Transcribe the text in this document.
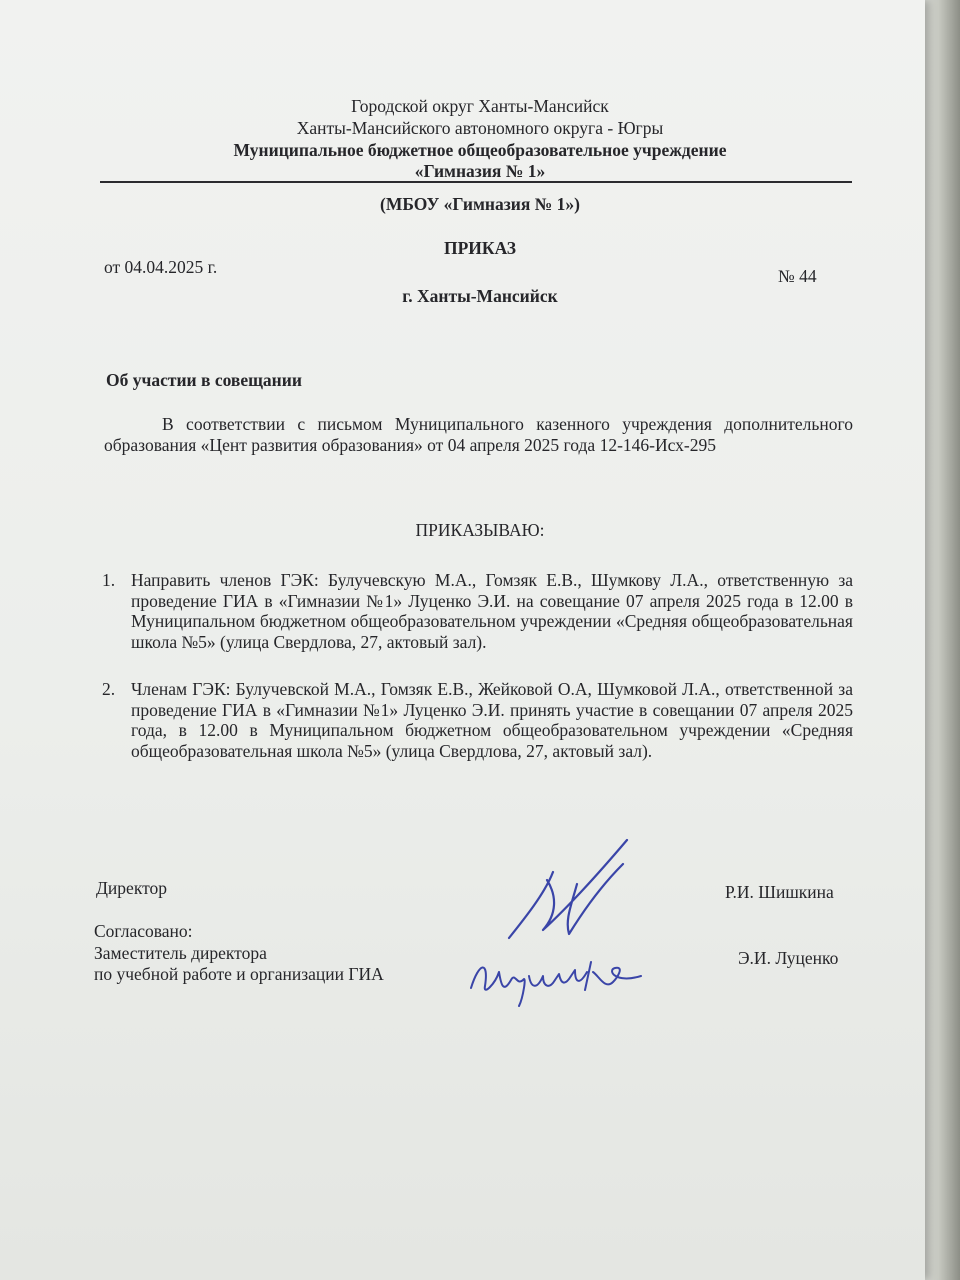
Городской округ Ханты-Мансийск
Ханты-Мансийского автономного округа - Югры
Муниципальное бюджетное общеобразовательное учреждение
«Гимназия № 1»
(МБОУ «Гимназия № 1»)
ПРИКАЗ
от 04.04.2025 г.	№ 44
г. Ханты-Мансийск
Об участии в совещании
В соответствии с письмом Муниципального казенного учреждения дополнительного образования «Цент развития образования» от 04 апреля 2025 года 12-146-Исх-295
ПРИКАЗЫВАЮ:
1. Направить членов ГЭК: Булучевскую М.А., Гомзяк Е.В., Шумкову Л.А., ответственную за проведение ГИА в «Гимназии №1» Луценко Э.И. на совещание 07 апреля 2025 года в 12.00 в Муниципальном бюджетном общеобразовательном учреждении «Средняя общеобразовательная школа №5» (улица Свердлова, 27, актовый зал).
2. Членам ГЭК: Булучевской М.А., Гомзяк Е.В., Жейковой О.А, Шумковой Л.А., ответственной за проведение ГИА в «Гимназии №1» Луценко Э.И. принять участие в совещании 07 апреля 2025 года, в 12.00 в Муниципальном бюджетном общеобразовательном учреждении «Средняя общеобразовательная школа №5» (улица Свердлова, 27, актовый зал).
Директор	Р.И. Шишкина
Согласовано:
Заместитель директора
по учебной работе и организации ГИА
Э.И. Луценко
